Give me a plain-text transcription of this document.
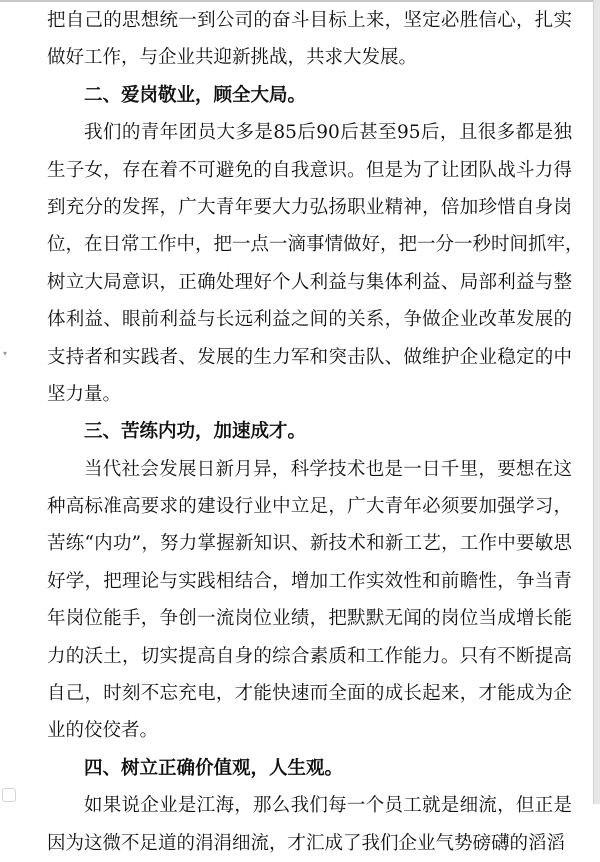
▾
把自己的思想统一到公司的奋斗目标上来，坚定必胜信心，扎实
做好工作，与企业共迎新挑战，共求大发展。
二、爱岗敬业，顾全大局。
我们的青年团员大多是85后90后甚至95后，且很多都是独
生子女，存在着不可避免的自我意识。但是为了让团队战斗力得
到充分的发挥，广大青年要大力弘扬职业精神，倍加珍惜自身岗
位，在日常工作中，把一点一滴事情做好，把一分一秒时间抓牢，
树立大局意识，正确处理好个人利益与集体利益、局部利益与整
体利益、眼前利益与长远利益之间的关系，争做企业改革发展的
支持者和实践者、发展的生力军和突击队、做维护企业稳定的中
坚力量。
三、苦练内功，加速成才。
当代社会发展日新月异，科学技术也是一日千里，要想在这
种高标准高要求的建设行业中立足，广大青年必须要加强学习，
苦练“内功”，努力掌握新知识、新技术和新工艺，工作中要敏思
好学，把理论与实践相结合，增加工作实效性和前瞻性，争当青
年岗位能手，争创一流岗位业绩，把默默无闻的岗位当成增长能
力的沃土，切实提高自身的综合素质和工作能力。只有不断提高
自己，时刻不忘充电，才能快速而全面的成长起来，才能成为企
业的佼佼者。
四、树立正确价值观，人生观。
如果说企业是江海，那么我们每一个员工就是细流，但正是
因为这微不足道的涓涓细流，才汇成了我们企业气势磅礴的滔滔
